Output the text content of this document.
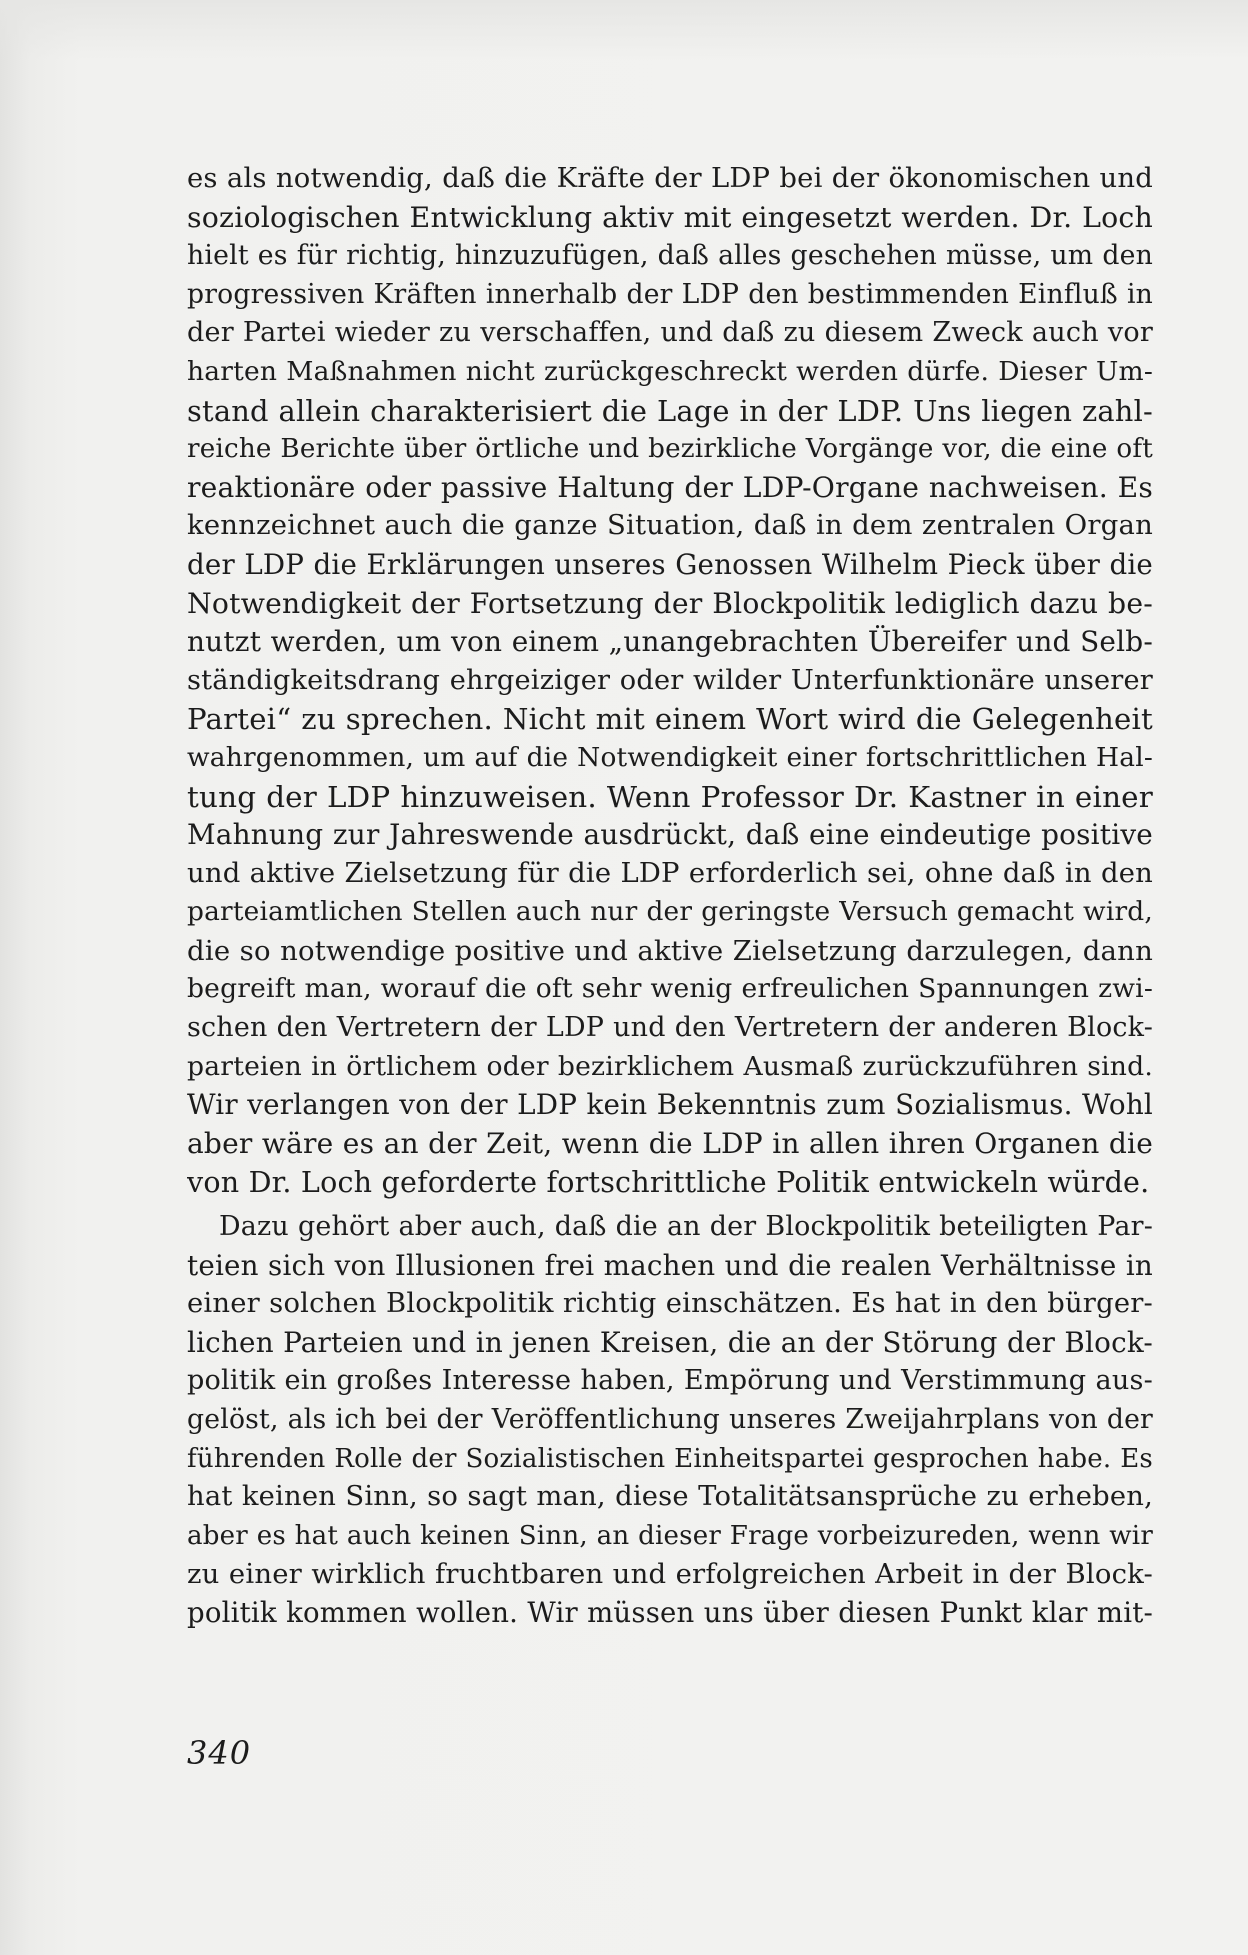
es als notwendig, daß die Kräfte der LDP bei der ökonomischen und
soziologischen Entwicklung aktiv mit eingesetzt werden. Dr. Loch
hielt es für richtig, hinzuzufügen, daß alles geschehen müsse, um den
progressiven Kräften innerhalb der LDP den bestimmenden Einfluß in
der Partei wieder zu verschaffen, und daß zu diesem Zweck auch vor
harten Maßnahmen nicht zurückgeschreckt werden dürfe. Dieser Um-
stand allein charakterisiert die Lage in der LDP. Uns liegen zahl-
reiche Berichte über örtliche und bezirkliche Vorgänge vor, die eine oft
reaktionäre oder passive Haltung der LDP-Organe nachweisen. Es
kennzeichnet auch die ganze Situation, daß in dem zentralen Organ
der LDP die Erklärungen unseres Genossen Wilhelm Pieck über die
Notwendigkeit der Fortsetzung der Blockpolitik lediglich dazu be-
nutzt werden, um von einem „unangebrachten Übereifer und Selb-
ständigkeitsdrang ehrgeiziger oder wilder Unterfunktionäre unserer
Partei“ zu sprechen. Nicht mit einem Wort wird die Gelegenheit
wahrgenommen, um auf die Notwendigkeit einer fortschrittlichen Hal-
tung der LDP hinzuweisen. Wenn Professor Dr. Kastner in einer
Mahnung zur Jahreswende ausdrückt, daß eine eindeutige positive
und aktive Zielsetzung für die LDP erforderlich sei, ohne daß in den
parteiamtlichen Stellen auch nur der geringste Versuch gemacht wird,
die so notwendige positive und aktive Zielsetzung darzulegen, dann
begreift man, worauf die oft sehr wenig erfreulichen Spannungen zwi-
schen den Vertretern der LDP und den Vertretern der anderen Block-
parteien in örtlichem oder bezirklichem Ausmaß zurückzuführen sind.
Wir verlangen von der LDP kein Bekenntnis zum Sozialismus. Wohl
aber wäre es an der Zeit, wenn die LDP in allen ihren Organen die
von Dr. Loch geforderte fortschrittliche Politik entwickeln würde.
Dazu gehört aber auch, daß die an der Blockpolitik beteiligten Par-
teien sich von Illusionen frei machen und die realen Verhältnisse in
einer solchen Blockpolitik richtig einschätzen. Es hat in den bürger-
lichen Parteien und in jenen Kreisen, die an der Störung der Block-
politik ein großes Interesse haben, Empörung und Verstimmung aus-
gelöst, als ich bei der Veröffentlichung unseres Zweijahrplans von der
führenden Rolle der Sozialistischen Einheitspartei gesprochen habe. Es
hat keinen Sinn, so sagt man, diese Totalitätsansprüche zu erheben,
aber es hat auch keinen Sinn, an dieser Frage vorbeizureden, wenn wir
zu einer wirklich fruchtbaren und erfolgreichen Arbeit in der Block-
politik kommen wollen. Wir müssen uns über diesen Punkt klar mit-
340
